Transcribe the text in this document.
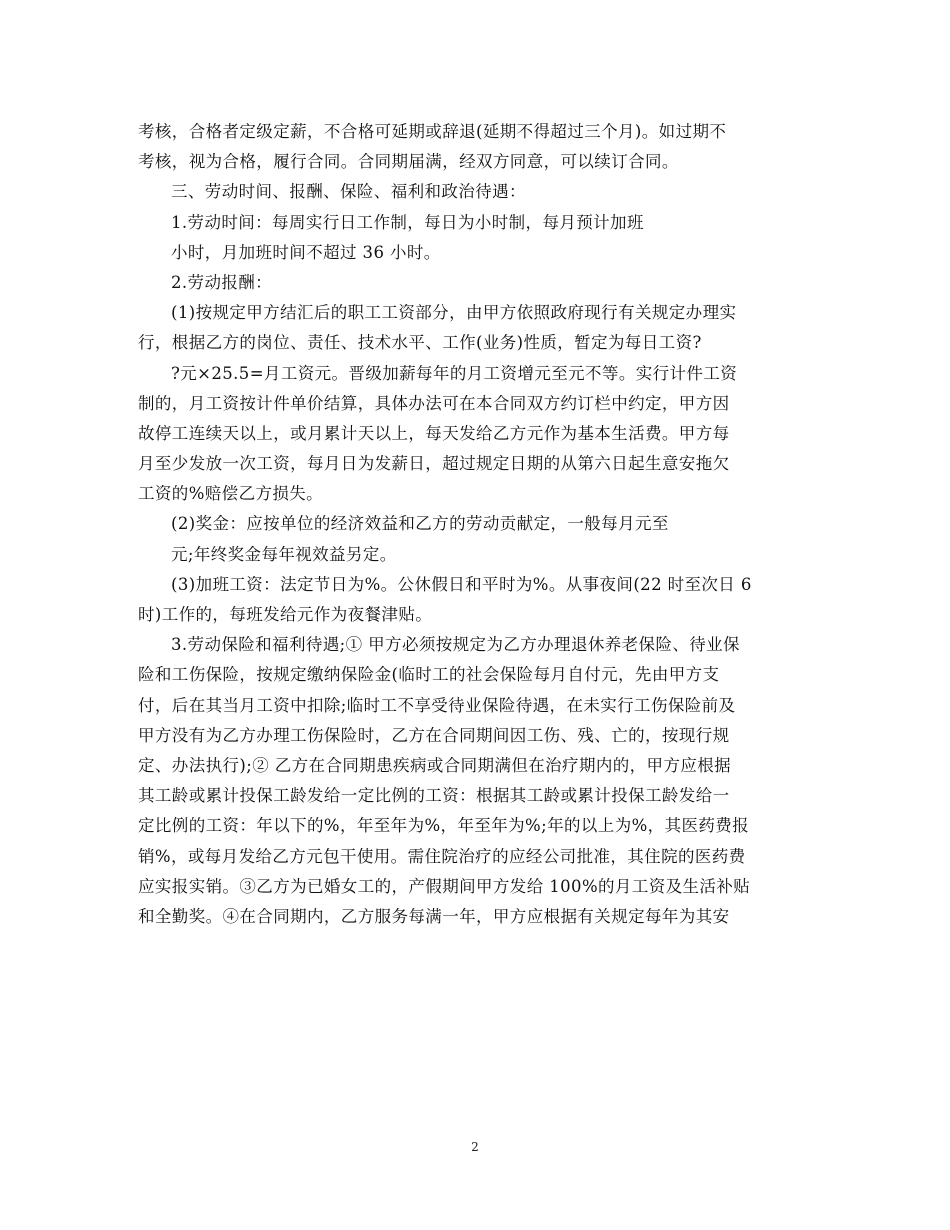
考核，合格者定级定薪，不合格可延期或辞退(延期不得超过三个月)。如过期不
考核，视为合格，履行合同。合同期届满，经双方同意，可以续订合同。
三、劳动时间、报酬、保险、福利和政治待遇：
1.劳动时间：每周实行日工作制，每日为小时制，每月预计加班
小时，月加班时间不超过 36 小时。
2.劳动报酬：
(1)按规定甲方结汇后的职工工资部分，由甲方依照政府现行有关规定办理实
行，根据乙方的岗位、责任、技术水平、工作(业务)性质，暂定为每日工资?
?元×25.5=月工资元。晋级加薪每年的月工资增元至元不等。实行计件工资
制的，月工资按计件单价结算，具体办法可在本合同双方约订栏中约定，甲方因
故停工连续天以上，或月累计天以上，每天发给乙方元作为基本生活费。甲方每
月至少发放一次工资，每月日为发薪日，超过规定日期的从第六日起生意安拖欠
工资的%赔偿乙方损失。
(2)奖金：应按单位的经济效益和乙方的劳动贡献定，一般每月元至
元;年终奖金每年视效益另定。
(3)加班工资：法定节日为%。公休假日和平时为%。从事夜间(22 时至次日 6
时)工作的，每班发给元作为夜餐津贴。
3.劳动保险和福利待遇;① 甲方必须按规定为乙方办理退休养老保险、待业保
险和工伤保险，按规定缴纳保险金(临时工的社会保险每月自付元，先由甲方支
付，后在其当月工资中扣除;临时工不享受待业保险待遇，在未实行工伤保险前及
甲方没有为乙方办理工伤保险时，乙方在合同期间因工伤、残、亡的，按现行规
定、办法执行);② 乙方在合同期患疾病或合同期满但在治疗期内的，甲方应根据
其工龄或累计投保工龄发给一定比例的工资：根据其工龄或累计投保工龄发给一
定比例的工资：年以下的%，年至年为%，年至年为%;年的以上为%，其医药费报
销%，或每月发给乙方元包干使用。需住院治疗的应经公司批准，其住院的医药费
应实报实销。③乙方为已婚女工的，产假期间甲方发给 100%的月工资及生活补贴
和全勤奖。④在合同期内，乙方服务每满一年，甲方应根据有关规定每年为其安
2
